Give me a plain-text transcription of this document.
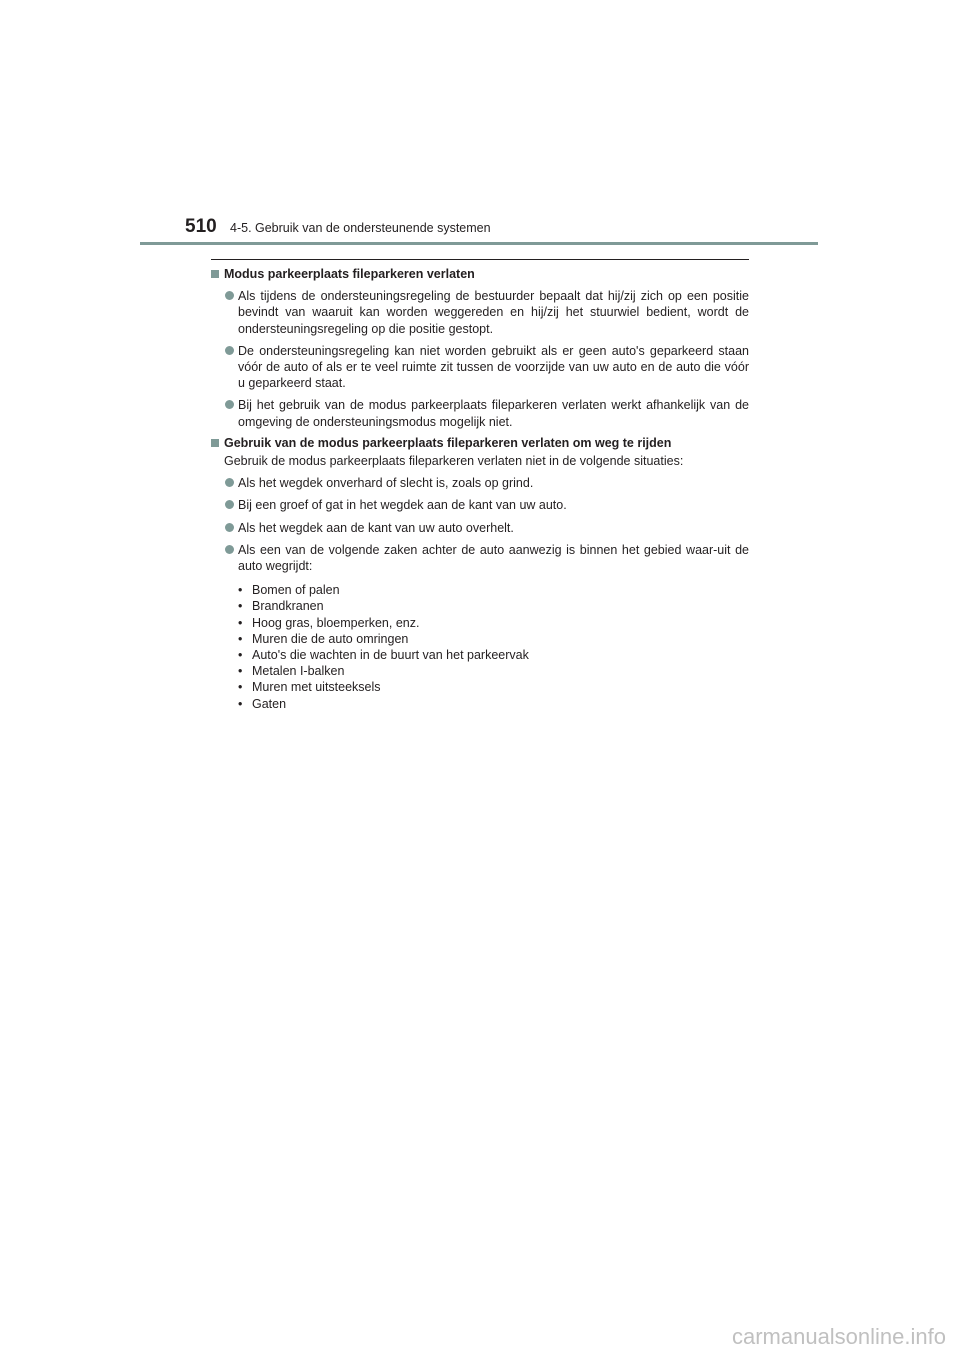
510 4-5. Gebruik van de ondersteunende systemen
Modus parkeerplaats fileparkeren verlaten
Als tijdens de ondersteuningsregeling de bestuurder bepaalt dat hij/zij zich op een positie bevindt van waaruit kan worden weggereden en hij/zij het stuurwiel bedient, wordt de ondersteuningsregeling op die positie gestopt.
De ondersteuningsregeling kan niet worden gebruikt als er geen auto's geparkeerd staan vóór de auto of als er te veel ruimte zit tussen de voorzijde van uw auto en de auto die vóór u geparkeerd staat.
Bij het gebruik van de modus parkeerplaats fileparkeren verlaten werkt afhankelijk van de omgeving de ondersteuningsmodus mogelijk niet.
Gebruik van de modus parkeerplaats fileparkeren verlaten om weg te rijden
Gebruik de modus parkeerplaats fileparkeren verlaten niet in de volgende situaties:
Als het wegdek onverhard of slecht is, zoals op grind.
Bij een groef of gat in het wegdek aan de kant van uw auto.
Als het wegdek aan de kant van uw auto overhelt.
Als een van de volgende zaken achter de auto aanwezig is binnen het gebied waar-uit de auto wegrijdt:
• Bomen of palen
• Brandkranen
• Hoog gras, bloemperken, enz.
• Muren die de auto omringen
• Auto's die wachten in de buurt van het parkeervak
• Metalen I-balken
• Muren met uitsteeksels
• Gaten
carmanualsonline.info
